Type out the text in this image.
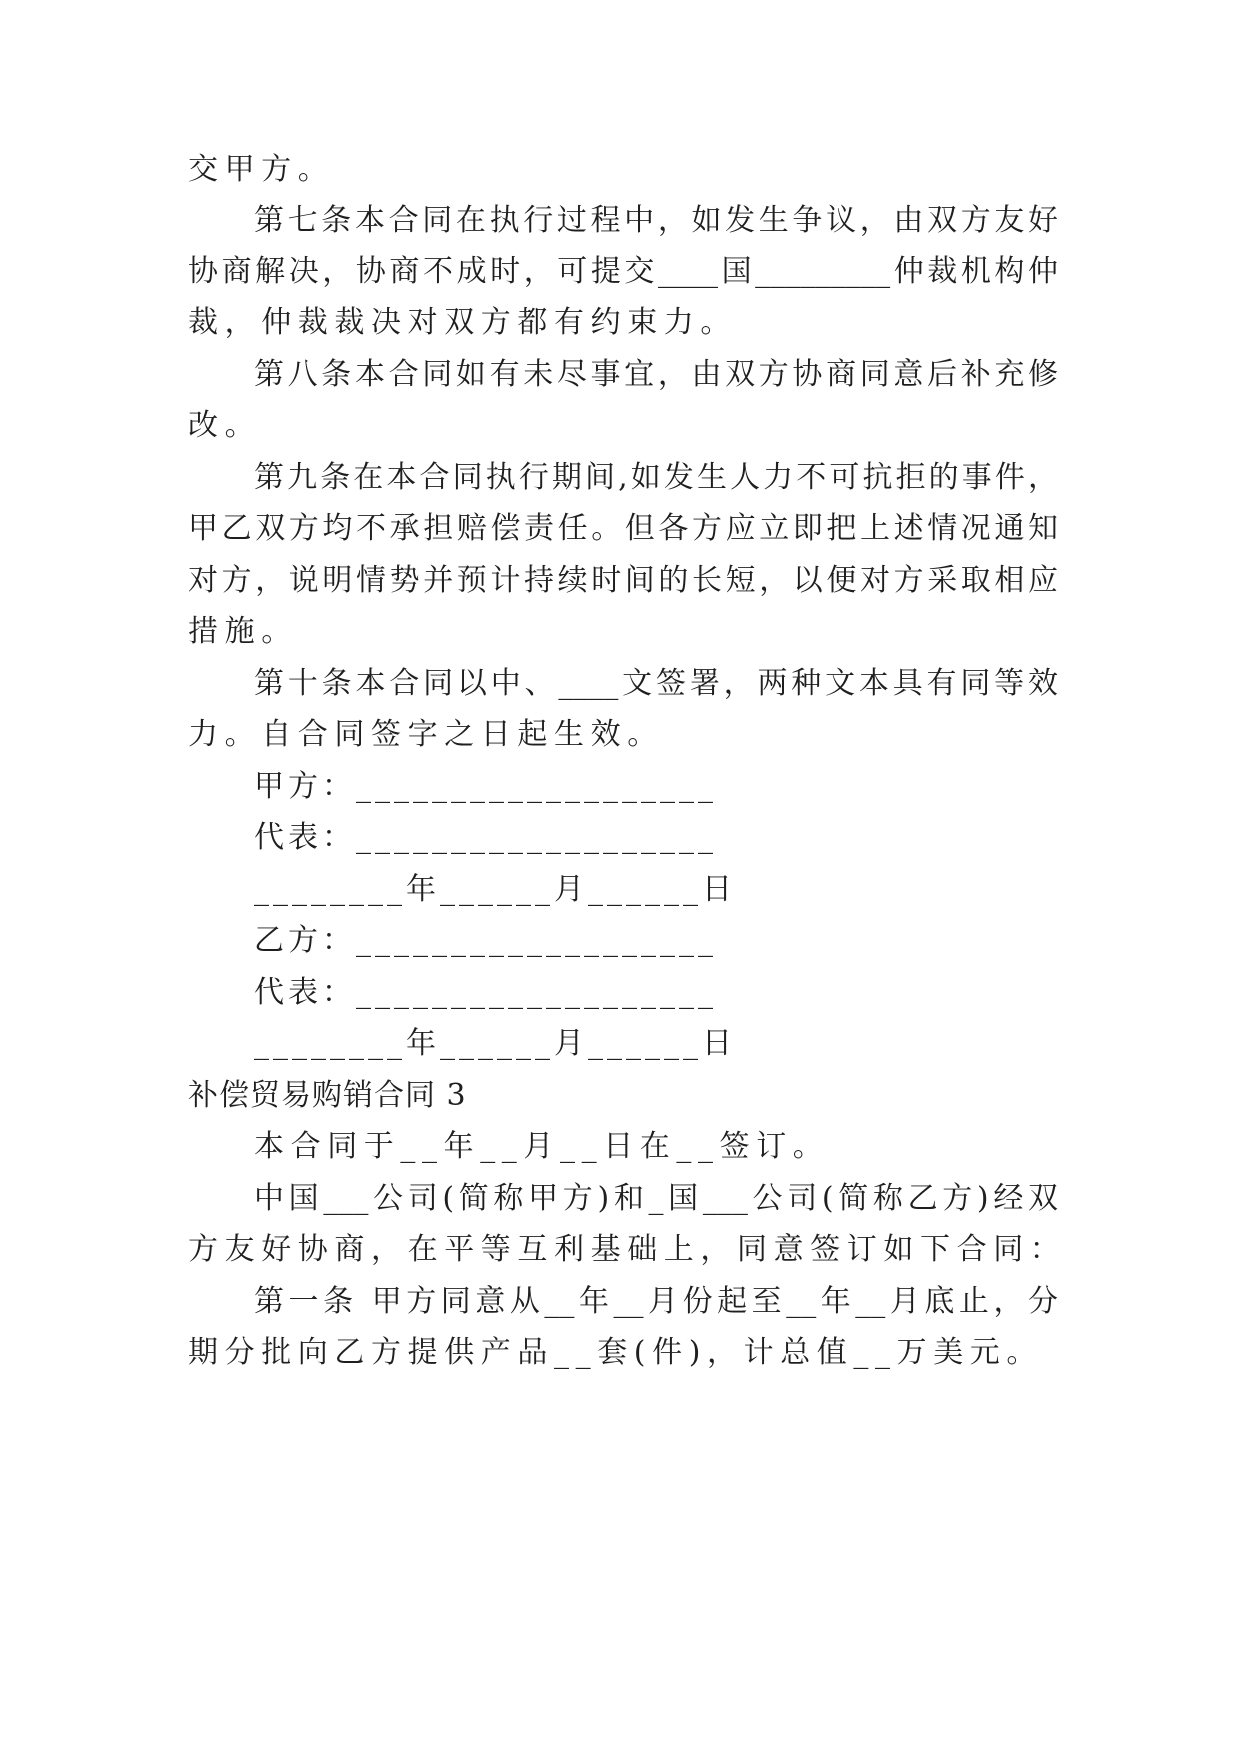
交甲方。
第七条本合同在执行过程中，如发生争议，由双方友好
协商解决，协商不成时，可提交____国_________仲裁机构仲
裁，仲裁裁决对双方都有约束力。
第八条本合同如有未尽事宜，由双方协商同意后补充修
改。
第九条在本合同执行期间,如发生人力不可抗拒的事件，
甲乙双方均不承担赔偿责任。但各方应立即把上述情况通知
对方，说明情势并预计持续时间的长短，以便对方采取相应
措施。
第十条本合同以中、____文签署，两种文本具有同等效
力。自合同签字之日起生效。
甲方：___________________
代表：___________________
________年______月______日
乙方：___________________
代表：___________________
________年______月______日
补偿贸易购销合同 3
本合同于__年__月__日在__签订。
中国___公司(简称甲方)和_国___公司(简称乙方)经双
方友好协商，在平等互利基础上，同意签订如下合同：
第一条 甲方同意从__年__月份起至__年__月底止，分
期分批向乙方提供产品__套(件)，计总值__万美元。
